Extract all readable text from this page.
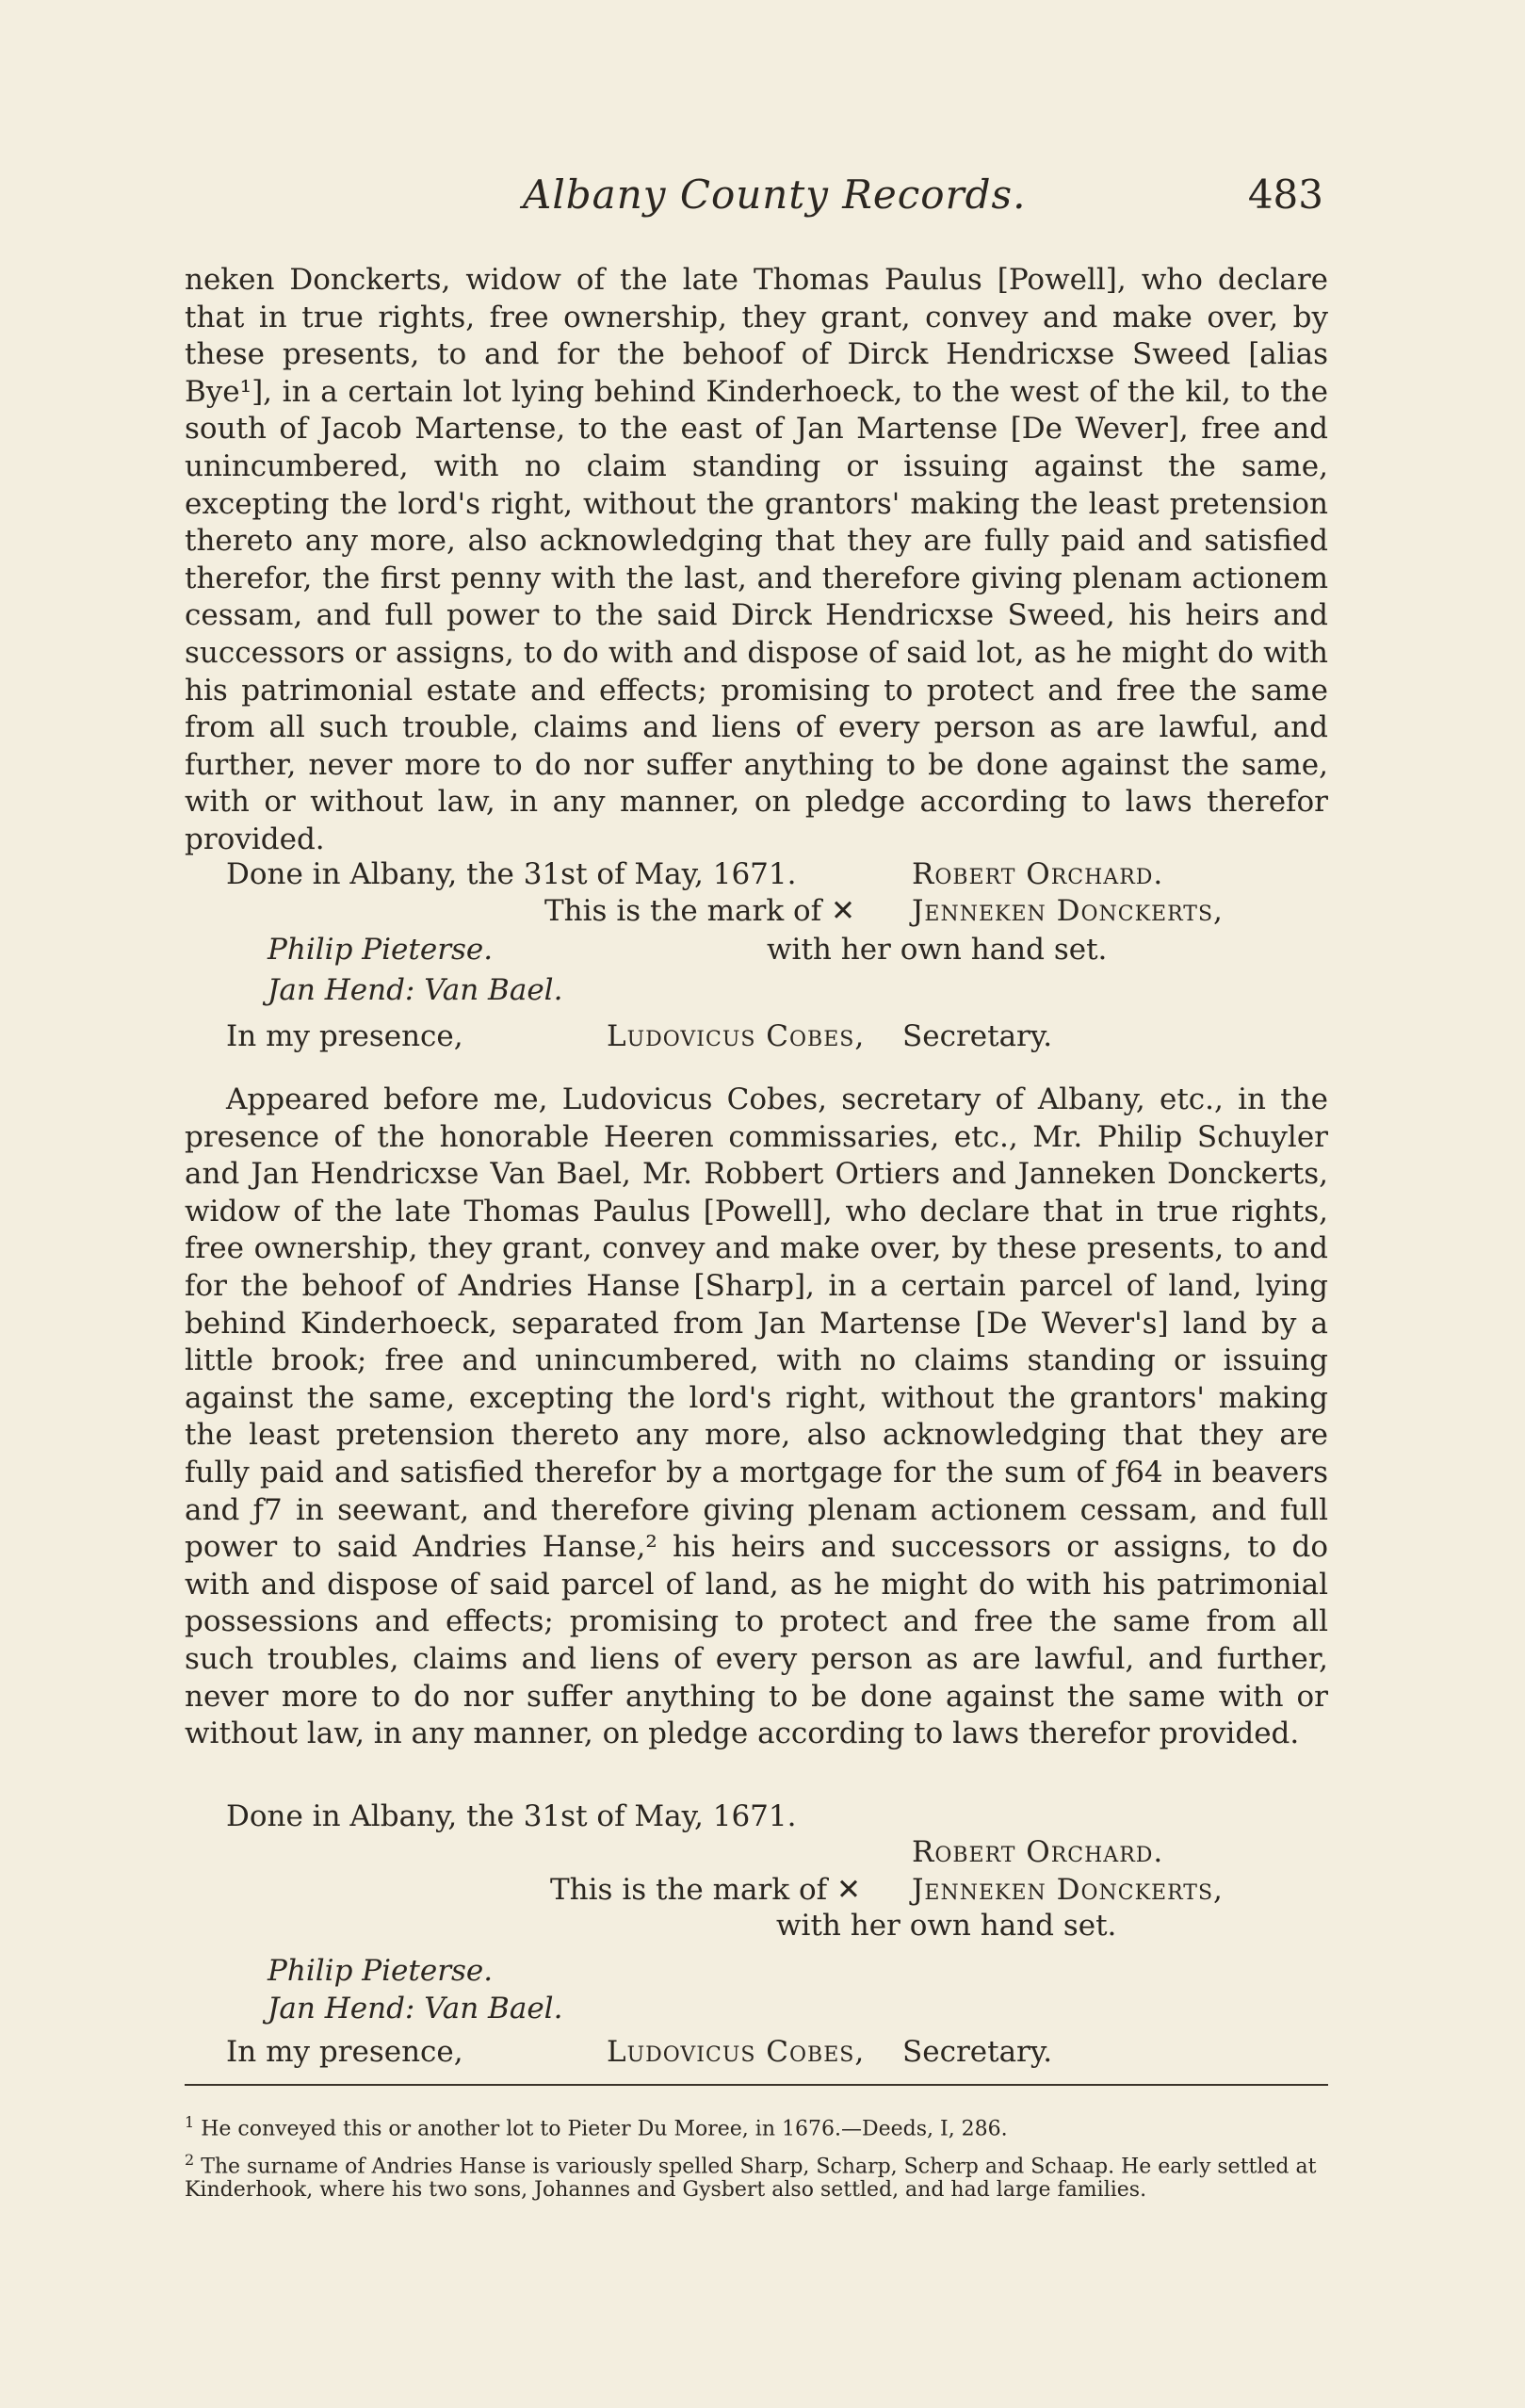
Albany County Records.	483

neken Donckerts, widow of the late Thomas Paulus [Powell], who declare that in true rights, free ownership, they grant, convey and make over, by these presents, to and for the behoof of Dirck Hendricxse Sweed [alias Bye¹], in a certain lot lying behind Kinderhoeck, to the west of the kil, to the south of Jacob Martense, to the east of Jan Martense [De Wever], free and unincumbered, with no claim standing or issuing against the same, excepting the lord's right, without the grantors' making the least pretension thereto any more, also acknowledging that they are fully paid and satisfied therefor, the first penny with the last, and therefore giving plenam actionem cessam, and full power to the said Dirck Hendricxse Sweed, his heirs and successors or assigns, to do with and dispose of said lot, as he might do with his patrimonial estate and effects; promising to protect and free the same from all such trouble, claims and liens of every person as are lawful, and further, never more to do nor suffer anything to be done against the same, with or without law, in any manner, on pledge according to laws therefor provided.

Done in Albany, the 31st of May, 1671.	Robert Orchard.
This is the mark of ✕ Jenneken Donckerts,
Philip Pieterse.	with her own hand set.
Jan Hend: Van Bael.
In my presence,	Ludovicus Cobes, Secretary.

Appeared before me, Ludovicus Cobes, secretary of Albany, etc., in the presence of the honorable Heeren commissaries, etc., Mr. Philip Schuyler and Jan Hendricxse Van Bael, Mr. Robbert Ortiers and Janneken Donckerts, widow of the late Thomas Paulus [Powell], who declare that in true rights, free ownership, they grant, convey and make over, by these presents, to and for the behoof of Andries Hanse [Sharp], in a certain parcel of land, lying behind Kinderhoeck, separated from Jan Martense [De Wever's] land by a little brook; free and unincumbered, with no claims standing or issuing against the same, excepting the lord's right, without the grantors' making the least pretension thereto any more, also acknowledging that they are fully paid and satisfied therefor by a mortgage for the sum of ƒ64 in beavers and ƒ7 in seewant, and therefore giving plenam actionem cessam, and full power to said Andries Hanse,² his heirs and successors or assigns, to do with and dispose of said parcel of land, as he might do with his patrimonial possessions and effects; promising to protect and free the same from all such troubles, claims and liens of every person as are lawful, and further, never more to do nor suffer anything to be done against the same with or without law, in any manner, on pledge according to laws therefor provided.

Done in Albany, the 31st of May, 1671.
Robert Orchard.
This is the mark of ✕ Jenneken Donckerts,
with her own hand set.
Philip Pieterse.
Jan Hend: Van Bael.
In my presence,	Ludovicus Cobes, Secretary.
$^1$ He conveyed this or another lot to Pieter Du Moree, in 1676.—Deeds, I, 286.
$^2$ The surname of Andries Hanse is variously spelled Sharp, Scharp, Scherp and Schaap. He early settled at Kinderhook, where his two sons, Johannes and Gysbert also settled, and had large families.
